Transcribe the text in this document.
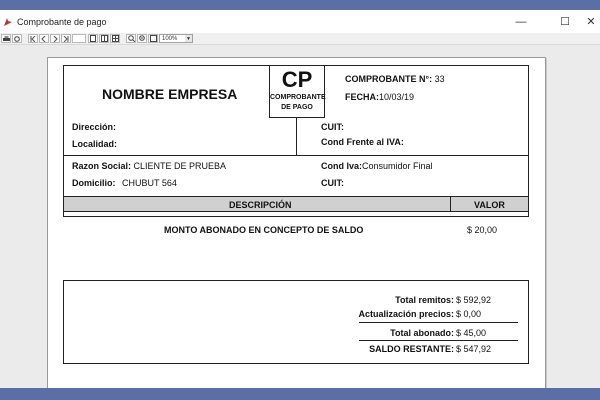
Comprobante de pago	—	☐ ✕
100% ▼
NOMBRE EMPRESA
CP
COMPROBANTE
DE PAGO
COMPROBANTE N°: 33
FECHA:10/03/19
Dirección:
Localidad:
CUIT:
Cond Frente al IVA:
Razon Social: CLIENTE DE PRUEBA
Domicilio: CHUBUT 564
Cond Iva:Consumidor Final
CUIT:
DESCRIPCIÓN	VALOR
MONTO ABONADO EN CONCEPTO DE SALDO	$ 20,00
Total remitos: $ 592,92
Actualización precios: $ 0,00
Total abonado: $ 45,00
SALDO RESTANTE: $ 547,92
